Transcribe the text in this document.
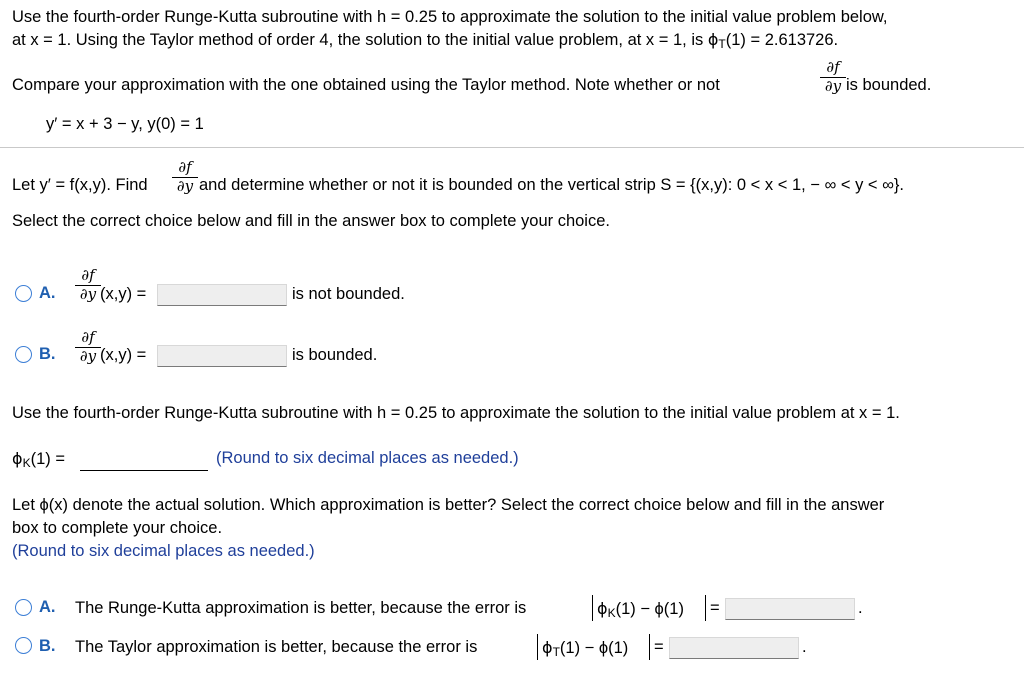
Use the fourth-order Runge-Kutta subroutine with h = 0.25 to approximate the solution to the initial value problem below,
at x = 1. Using the Taylor method of order 4, the solution to the initial value problem, at x = 1, is $\phi_T(1) = 2.613726$.
Compare your approximation with the one obtained using the Taylor method. Note whether or not
∂f
∂y is bounded.
y′ = x + 3 − y, y(0) = 1
Let y′ = f(x,y). Find
∂f
∂y and determine whether or not it is bounded on the vertical strip S = {(x,y): 0 < x < 1, − ∞ < y < ∞}.
Select the correct choice below and fill in the answer box to complete your choice.
A.
∂f
∂y (x,y) =	is not bounded.
B.
∂f
∂y (x,y) =	is bounded.
Use the fourth-order Runge-Kutta subroutine with h = 0.25 to approximate the solution to the initial value problem at x = 1.
$\phi_K(1)$ =	(Round to six decimal places as needed.)
Let ϕ(x) denote the actual solution. Which approximation is better? Select the correct choice below and fill in the answer
box to complete your choice.
(Round to six decimal places as needed.)
A. The Runge-Kutta approximation is better, because the error is	$\phi_K(1) - \phi(1)$ =	.
B. The Taylor approximation is better, because the error is	$\phi_T(1) - \phi(1)$ =	.
